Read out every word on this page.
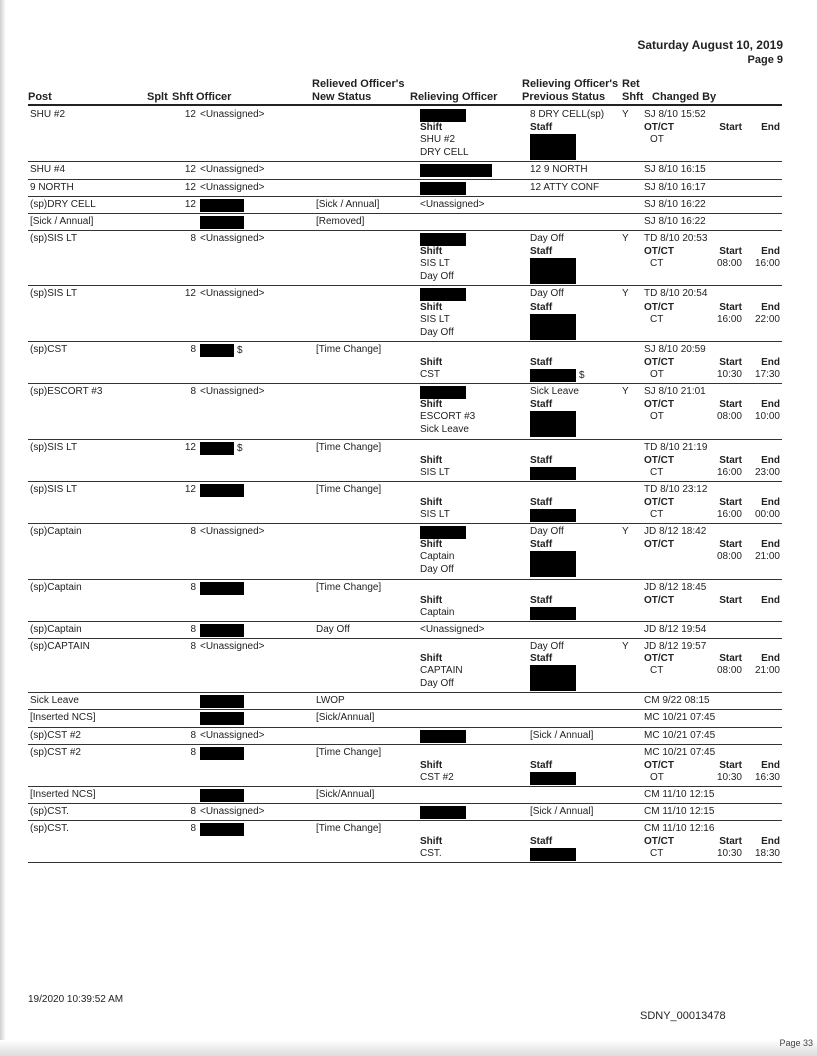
Saturday August 10, 2019
Page 9
Post	Splt Shft Officer
Relieved Officer's
New Status	Relieving Officer
Relieving Officer's
Previous Status
Ret
Shft Changed By
SHU #2		12	<Unassigned>			8 DRY CELL(sp)	Y	SJ 8/10 15:52		
					Shift	Staff		OT/CT	Start	End
					SHU #2			OT		
					DRY CELL					
SHU #4		12	<Unassigned>			12 9 NORTH		SJ 8/10 16:15		
9 NORTH		12	<Unassigned>			12 ATTY CONF		SJ 8/10 16:17		
(sp)DRY CELL		12		[Sick / Annual]	<Unassigned>			SJ 8/10 16:22		
[Sick / Annual]				[Removed]				SJ 8/10 16:22		
(sp)SIS LT		8	<Unassigned>			Day Off	Y	TD 8/10 20:53		
					Shift	Staff		OT/CT	Start	End
					SIS LT			CT	08:00	16:00
					Day Off					
(sp)SIS LT		12	<Unassigned>			Day Off	Y	TD 8/10 20:54		
					Shift	Staff		OT/CT	Start	End
					SIS LT			CT	16:00	22:00
					Day Off					
(sp)CST		8	$	[Time Change]				SJ 8/10 20:59		
					Shift	Staff		OT/CT	Start	End
					CST	$		OT	10:30	17:30
(sp)ESCORT #3		8	<Unassigned>			Sick Leave	Y	SJ 8/10 21:01		
					Shift	Staff		OT/CT	Start	End
					ESCORT #3			OT	08:00	10:00
					Sick Leave					
(sp)SIS LT		12	$	[Time Change]				TD 8/10 21:19		
					Shift	Staff		OT/CT	Start	End
					SIS LT			CT	16:00	23:00
(sp)SIS LT		12		[Time Change]				TD 8/10 23:12		
					Shift	Staff		OT/CT	Start	End
					SIS LT			CT	16:00	00:00
(sp)Captain		8	<Unassigned>			Day Off	Y	JD 8/12 18:42		
					Shift	Staff		OT/CT	Start	End
					Captain				08:00	21:00
					Day Off					
(sp)Captain		8		[Time Change]				JD 8/12 18:45		
					Shift	Staff		OT/CT	Start	End
					Captain					
(sp)Captain		8		Day Off	<Unassigned>			JD 8/12 19:54		
(sp)CAPTAIN		8	<Unassigned>			Day Off	Y	JD 8/12 19:57		
					Shift	Staff		OT/CT	Start	End
					CAPTAIN			CT	08:00	21:00
					Day Off					
Sick Leave				LWOP				CM 9/22 08:15		
[Inserted NCS]				[Sick/Annual]				MC 10/21 07:45		
(sp)CST #2		8	<Unassigned>			[Sick / Annual]		MC 10/21 07:45		
(sp)CST #2		8		[Time Change]				MC 10/21 07:45		
					Shift	Staff		OT/CT	Start	End
					CST #2			OT	10:30	16:30
[Inserted NCS]				[Sick/Annual]				CM 11/10 12:15		
(sp)CST.		8	<Unassigned>			[Sick / Annual]		CM 11/10 12:15		
(sp)CST.		8		[Time Change]				CM 11/10 12:16		
					Shift	Staff		OT/CT	Start	End
					CST.			CT	10:30	18:30
19/2020 10:39:52 AM
SDNY_00013478
Page 33
